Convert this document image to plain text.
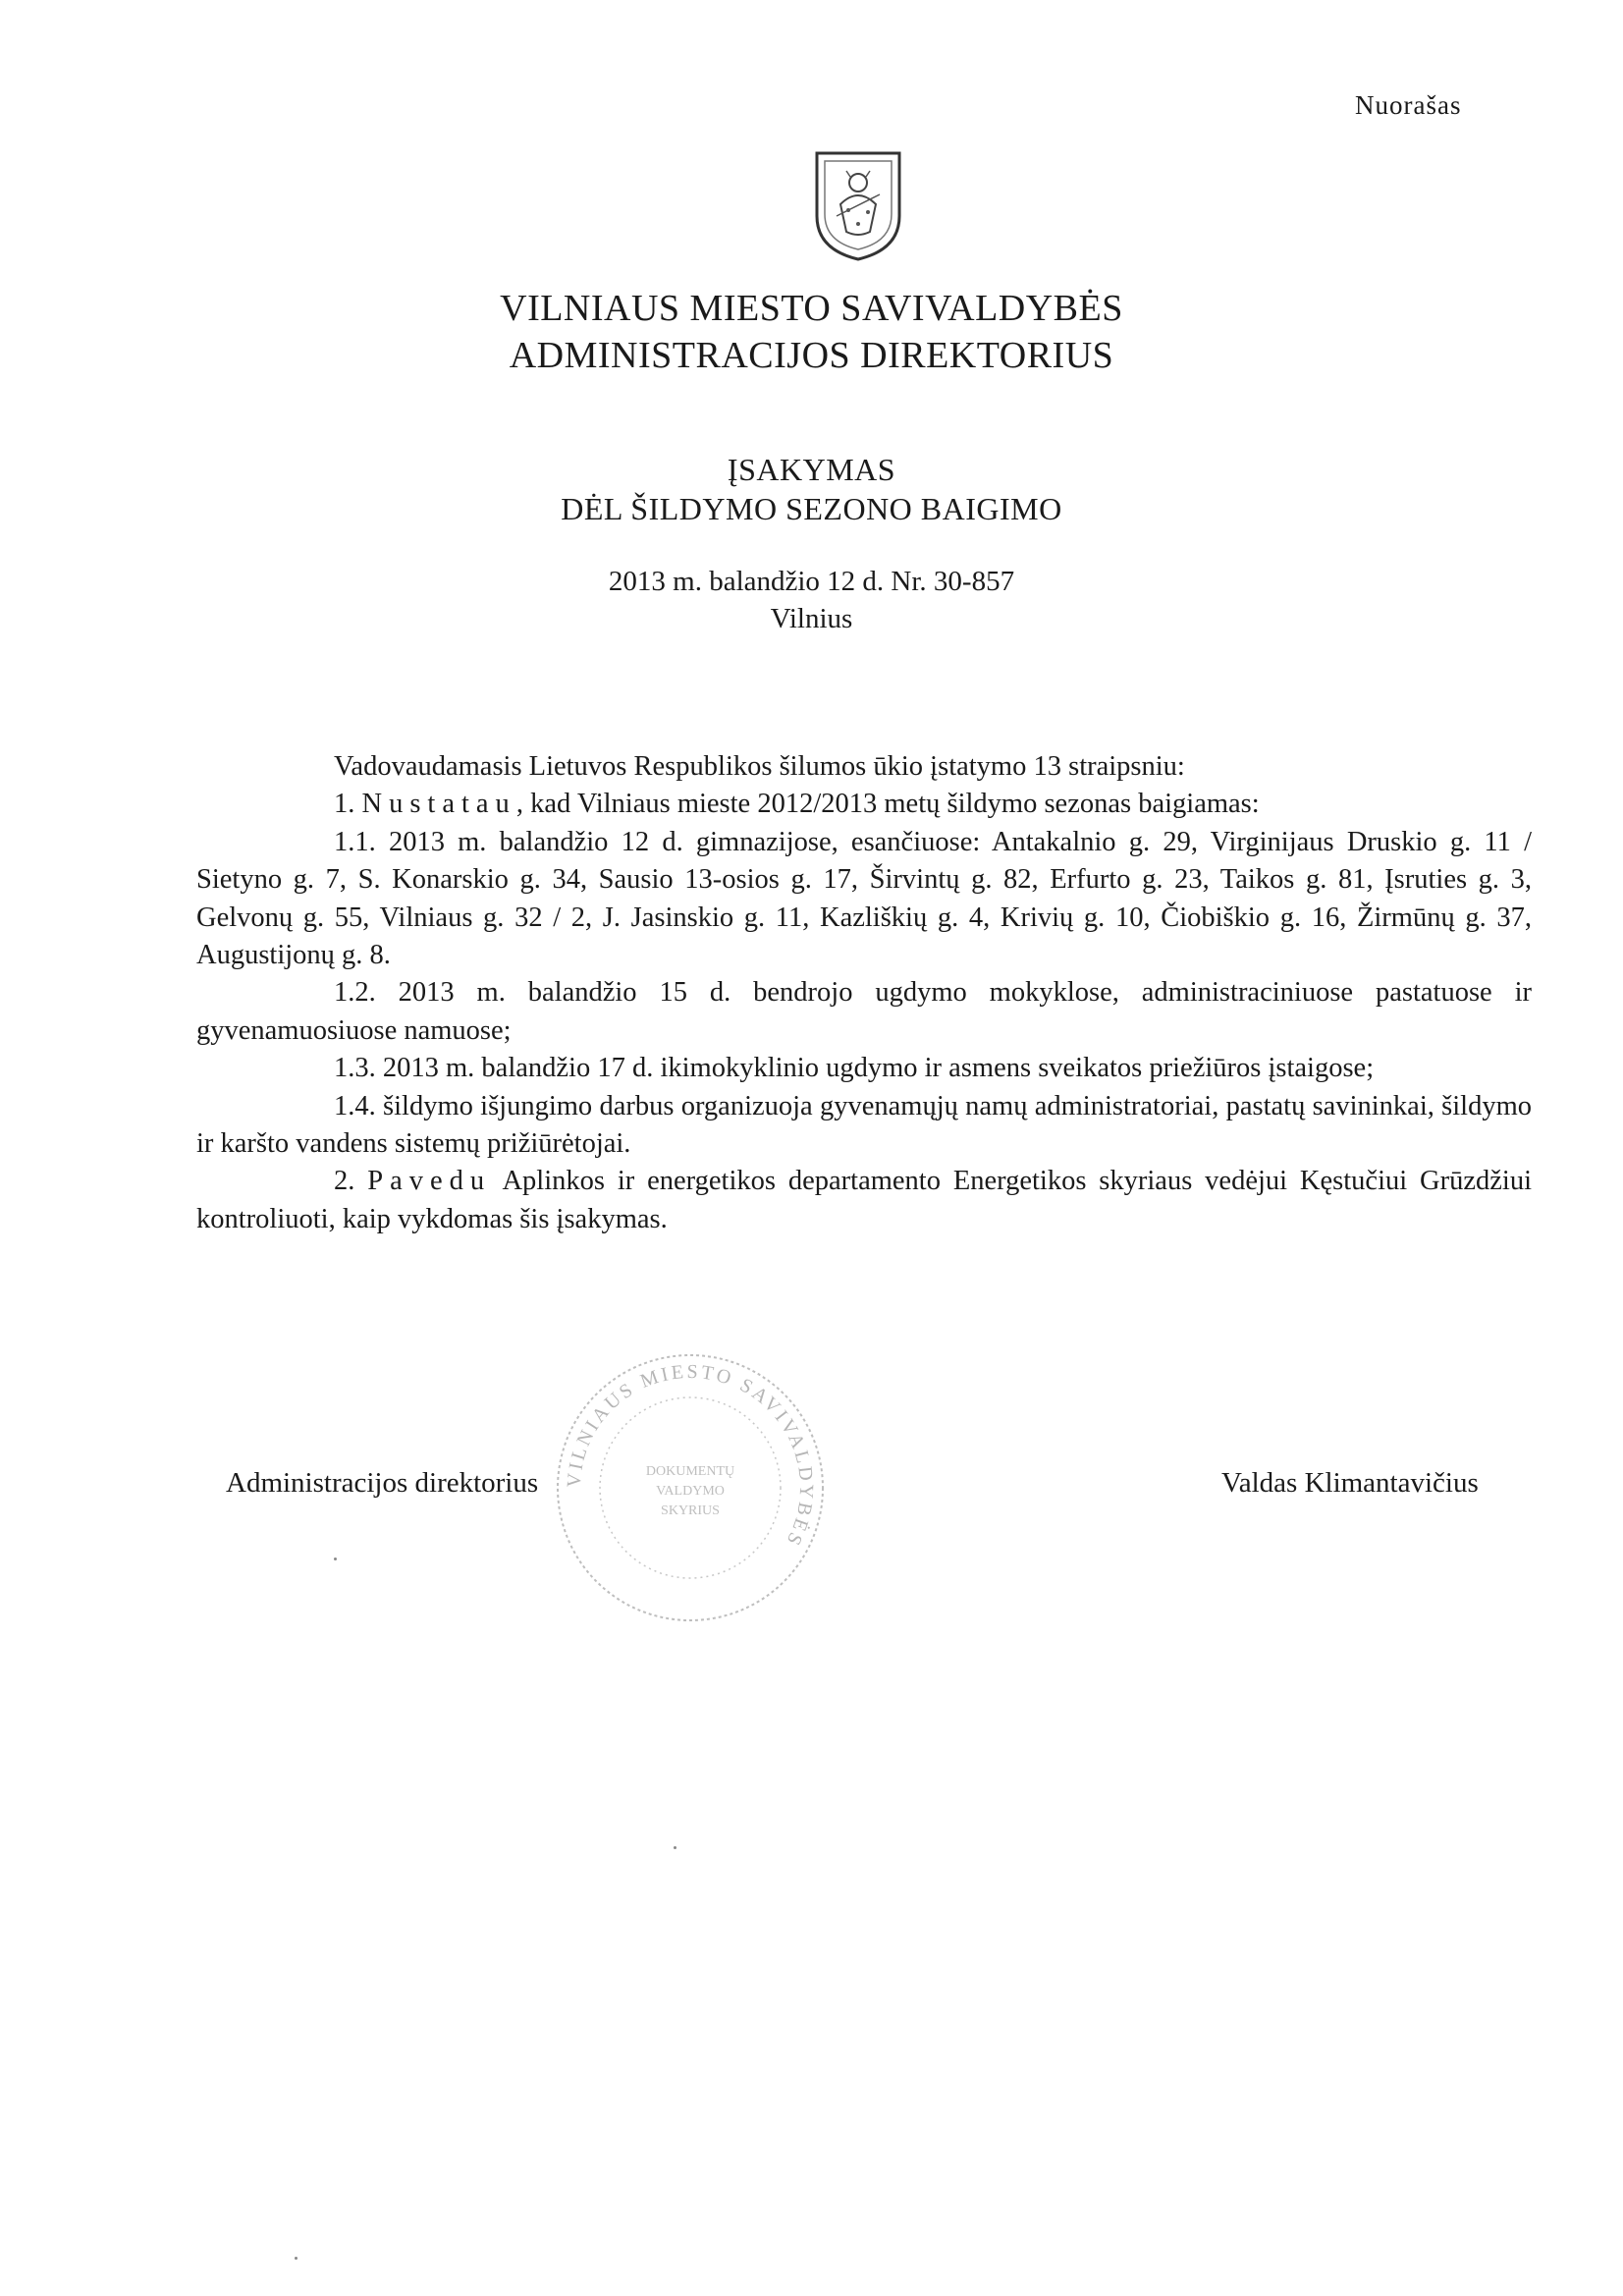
Nuorašas
VILNIAUS MIESTO SAVIVALDYBĖS
ADMINISTRACIJOS DIREKTORIUS
ĮSAKYMAS
DĖL ŠILDYMO SEZONO BAIGIMO
2013 m. balandžio 12 d. Nr. 30-857
Vilnius

Vadovaudamasis Lietuvos Respublikos šilumos ūkio įstatymo 13 straipsniu:

1. Nustatau, kad Vilniaus mieste 2012/2013 metų šildymo sezonas baigiamas:

1.1. 2013 m. balandžio 12 d. gimnazijose, esančiuose: Antakalnio g. 29, Virginijaus Druskio g. 11 / Sietyno g. 7, S. Konarskio g. 34, Sausio 13-osios g. 17, Širvintų g. 82, Erfurto g. 23, Taikos g. 81, Įsruties g. 3, Gelvonų g. 55, Vilniaus g. 32 / 2, J. Jasinskio g. 11, Kazliškių g. 4, Krivių g. 10, Čiobiškio g. 16, Žirmūnų g. 37, Augustijonų g. 8.

1.2. 2013 m. balandžio 15 d. bendrojo ugdymo mokyklose, administraciniuose pastatuose ir gyvenamuosiuose namuose;

1.3. 2013 m. balandžio 17 d. ikimokyklinio ugdymo ir asmens sveikatos priežiūros įstaigose;

1.4. šildymo išjungimo darbus organizuoja gyvenamųjų namų administratoriai, pastatų savininkai, šildymo ir karšto vandens sistemų prižiūrėtojai.

2. Pavedu Aplinkos ir energetikos departamento Energetikos skyriaus vedėjui Kęstučiui Grūzdžiui kontroliuoti, kaip vykdomas šis įsakymas.

VILNIAUS MIESTO SAVIVALDYBĖS
DOKUMENTŲ
VALDYMO
SKYRIUS
Administracijos direktorius	Valdas Klimantavičius
